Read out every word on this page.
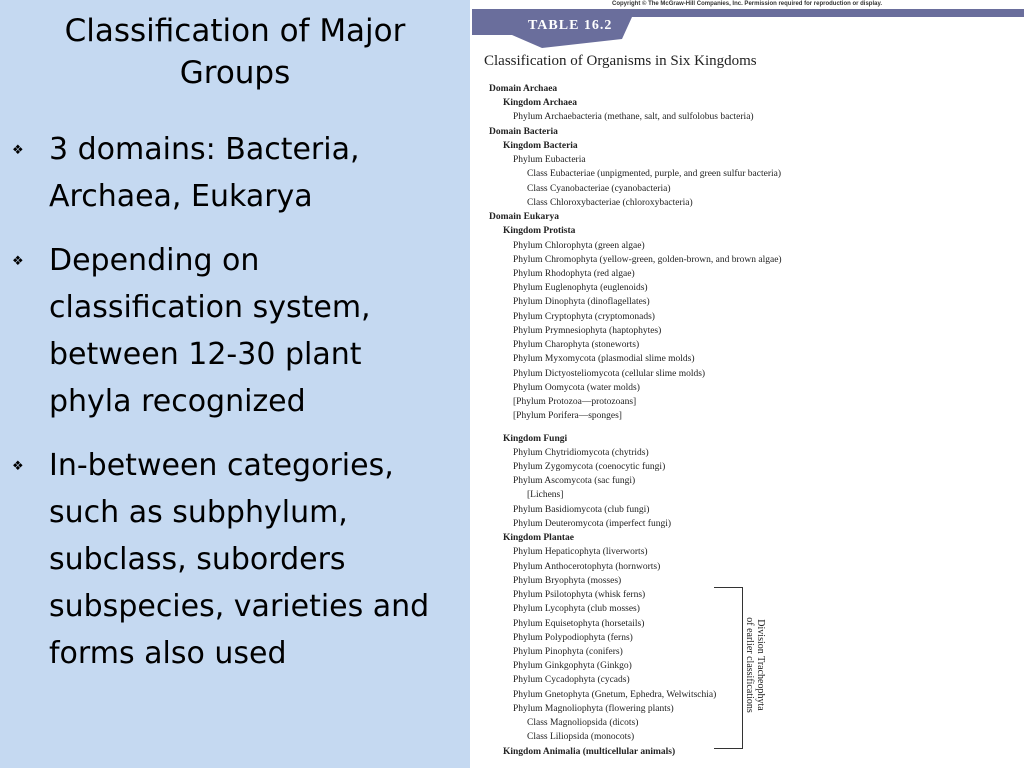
Classification of Major
Groups
❖ 3 domains: Bacteria,
Archaea, Eukarya
❖ Depending on
classification system,
between 12-30 plant
phyla recognized
❖ In-between categories,
such as subphylum,
subclass, suborders
subspecies, varieties and
forms also used
Copyright © The McGraw-Hill Companies, Inc. Permission required for reproduction or display.
TABLE 16.2
Classification of Organisms in Six Kingdoms
Domain Archaea
Kingdom Archaea
Phylum Archaebacteria (methane, salt, and sulfolobus bacteria)
Domain Bacteria
Kingdom Bacteria
Phylum Eubacteria
Class Eubacteriae (unpigmented, purple, and green sulfur bacteria)
Class Cyanobacteriae (cyanobacteria)
Class Chloroxybacteriae (chloroxybacteria)
Domain Eukarya
Kingdom Protista
Phylum Chlorophyta (green algae)
Phylum Chromophyta (yellow-green, golden-brown, and brown algae)
Phylum Rhodophyta (red algae)
Phylum Euglenophyta (euglenoids)
Phylum Dinophyta (dinoflagellates)
Phylum Cryptophyta (cryptomonads)
Phylum Prymnesiophyta (haptophytes)
Phylum Charophyta (stoneworts)
Phylum Myxomycota (plasmodial slime molds)
Phylum Dictyosteliomycota (cellular slime molds)
Phylum Oomycota (water molds)
[Phylum Protozoa—protozoans]
[Phylum Porifera—sponges]
Kingdom Fungi
Phylum Chytridiomycota (chytrids)
Phylum Zygomycota (coenocytic fungi)
Phylum Ascomycota (sac fungi)
[Lichens]
Phylum Basidiomycota (club fungi)
Phylum Deuteromycota (imperfect fungi)
Kingdom Plantae
Phylum Hepaticophyta (liverworts)
Phylum Anthocerotophyta (hornworts)
Phylum Bryophyta (mosses)
Phylum Psilotophyta (whisk ferns)
Phylum Lycophyta (club mosses)
Phylum Equisetophyta (horsetails)
Phylum Polypodiophyta (ferns)
Phylum Pinophyta (conifers)
Phylum Ginkgophyta (Ginkgo)
Phylum Cycadophyta (cycads)
Phylum Gnetophyta (Gnetum, Ephedra, Welwitschia)
Phylum Magnoliophyta (flowering plants)
Class Magnoliopsida (dicots)
Class Liliopsida (monocots)
Kingdom Animalia (multicellular animals)
Division Tracheophyta
of earlier classifications
